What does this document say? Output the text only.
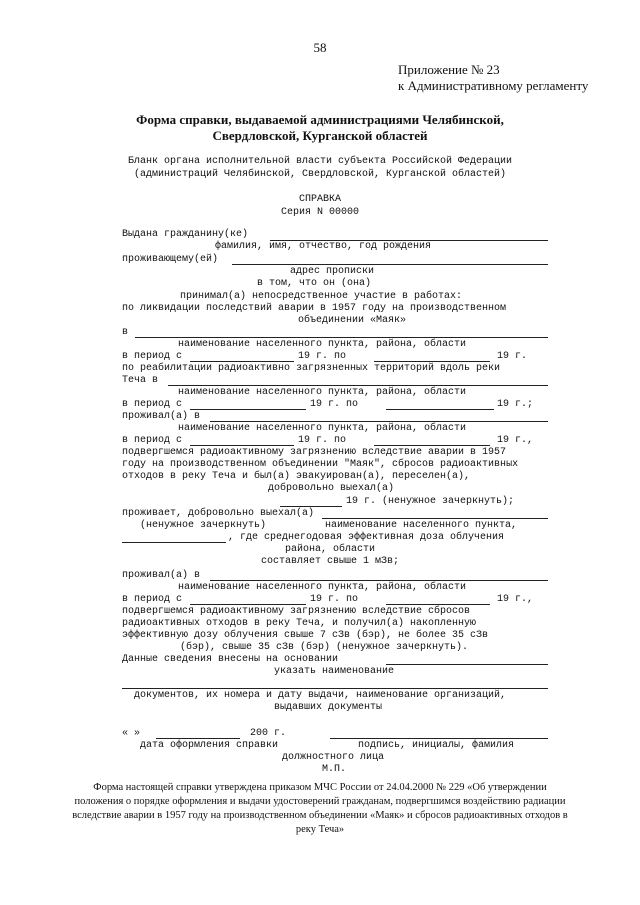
58
Приложение № 23
к Административному регламенту
Форма справки, выдаваемой администрациями Челябинской,
Свердловской, Курганской областей
Бланк органа исполнительной власти субъекта Российской Федерации
(администраций Челябинской, Свердловской, Курганской областей)
СПРАВКА
Серия N 00000
Выдана гражданину(ке)
фамилия, имя, отчество, год рождения
проживающему(ей)
адрес прописки
в том, что он (она)
принимал(а) непосредственное участие в работах:
по ликвидации последствий аварии в 1957 году на производственном
объединении «Маяк»
в
наименование населенного пункта, района, области
в период с	19 г. по	19 г.
по реабилитации радиоактивно загрязненных территорий вдоль реки
Теча в
наименование населенного пункта, района, области
в период с	19 г. по	19 г.;
проживал(а) в
наименование населенного пункта, района, области
в период с	19 г. по	19 г.,
подвергшемся радиоактивному загрязнению вследствие аварии в 1957
году на производственном объединении "Маяк", сбросов радиоактивных
отходов в реку Теча и был(а) эвакуирован(а), переселен(а),
добровольно выехал(а)
19 г. (ненужное зачеркнуть);
проживает, добровольно выехал(а)
(ненужное зачеркнуть)	наименование населенного пункта,
, где среднегодовая эффективная доза облучения
района, области
составляет свыше 1 мЗв;
проживал(а) в
наименование населенного пункта, района, области
в период с	19 г. по	19 г.,
подвергшемся радиоактивному загрязнению вследствие сбросов
радиоактивных отходов в реку Теча, и получил(а) накопленную
эффективную дозу облучения свыше 7 сЗв (бэр), не более 35 сЗв
(бэр), свыше 35 сЗв (бэр) (ненужное зачеркнуть).
Данные сведения внесены на основании
указать наименование
документов, их номера и дату выдачи, наименование организаций,
выдавших документы
« »	200 г.
дата оформления справки	подпись, инициалы, фамилия
должностного лица
М.П.
Форма настоящей справки утверждена приказом МЧС России от 24.04.2000 № 229 «Об утверждении
положения о порядке оформления и выдачи удостоверений гражданам, подвергшимся воздействию радиации
вследствие аварии в 1957 году на производственном объединении «Маяк» и сбросов радиоактивных отходов в
реку Теча»
